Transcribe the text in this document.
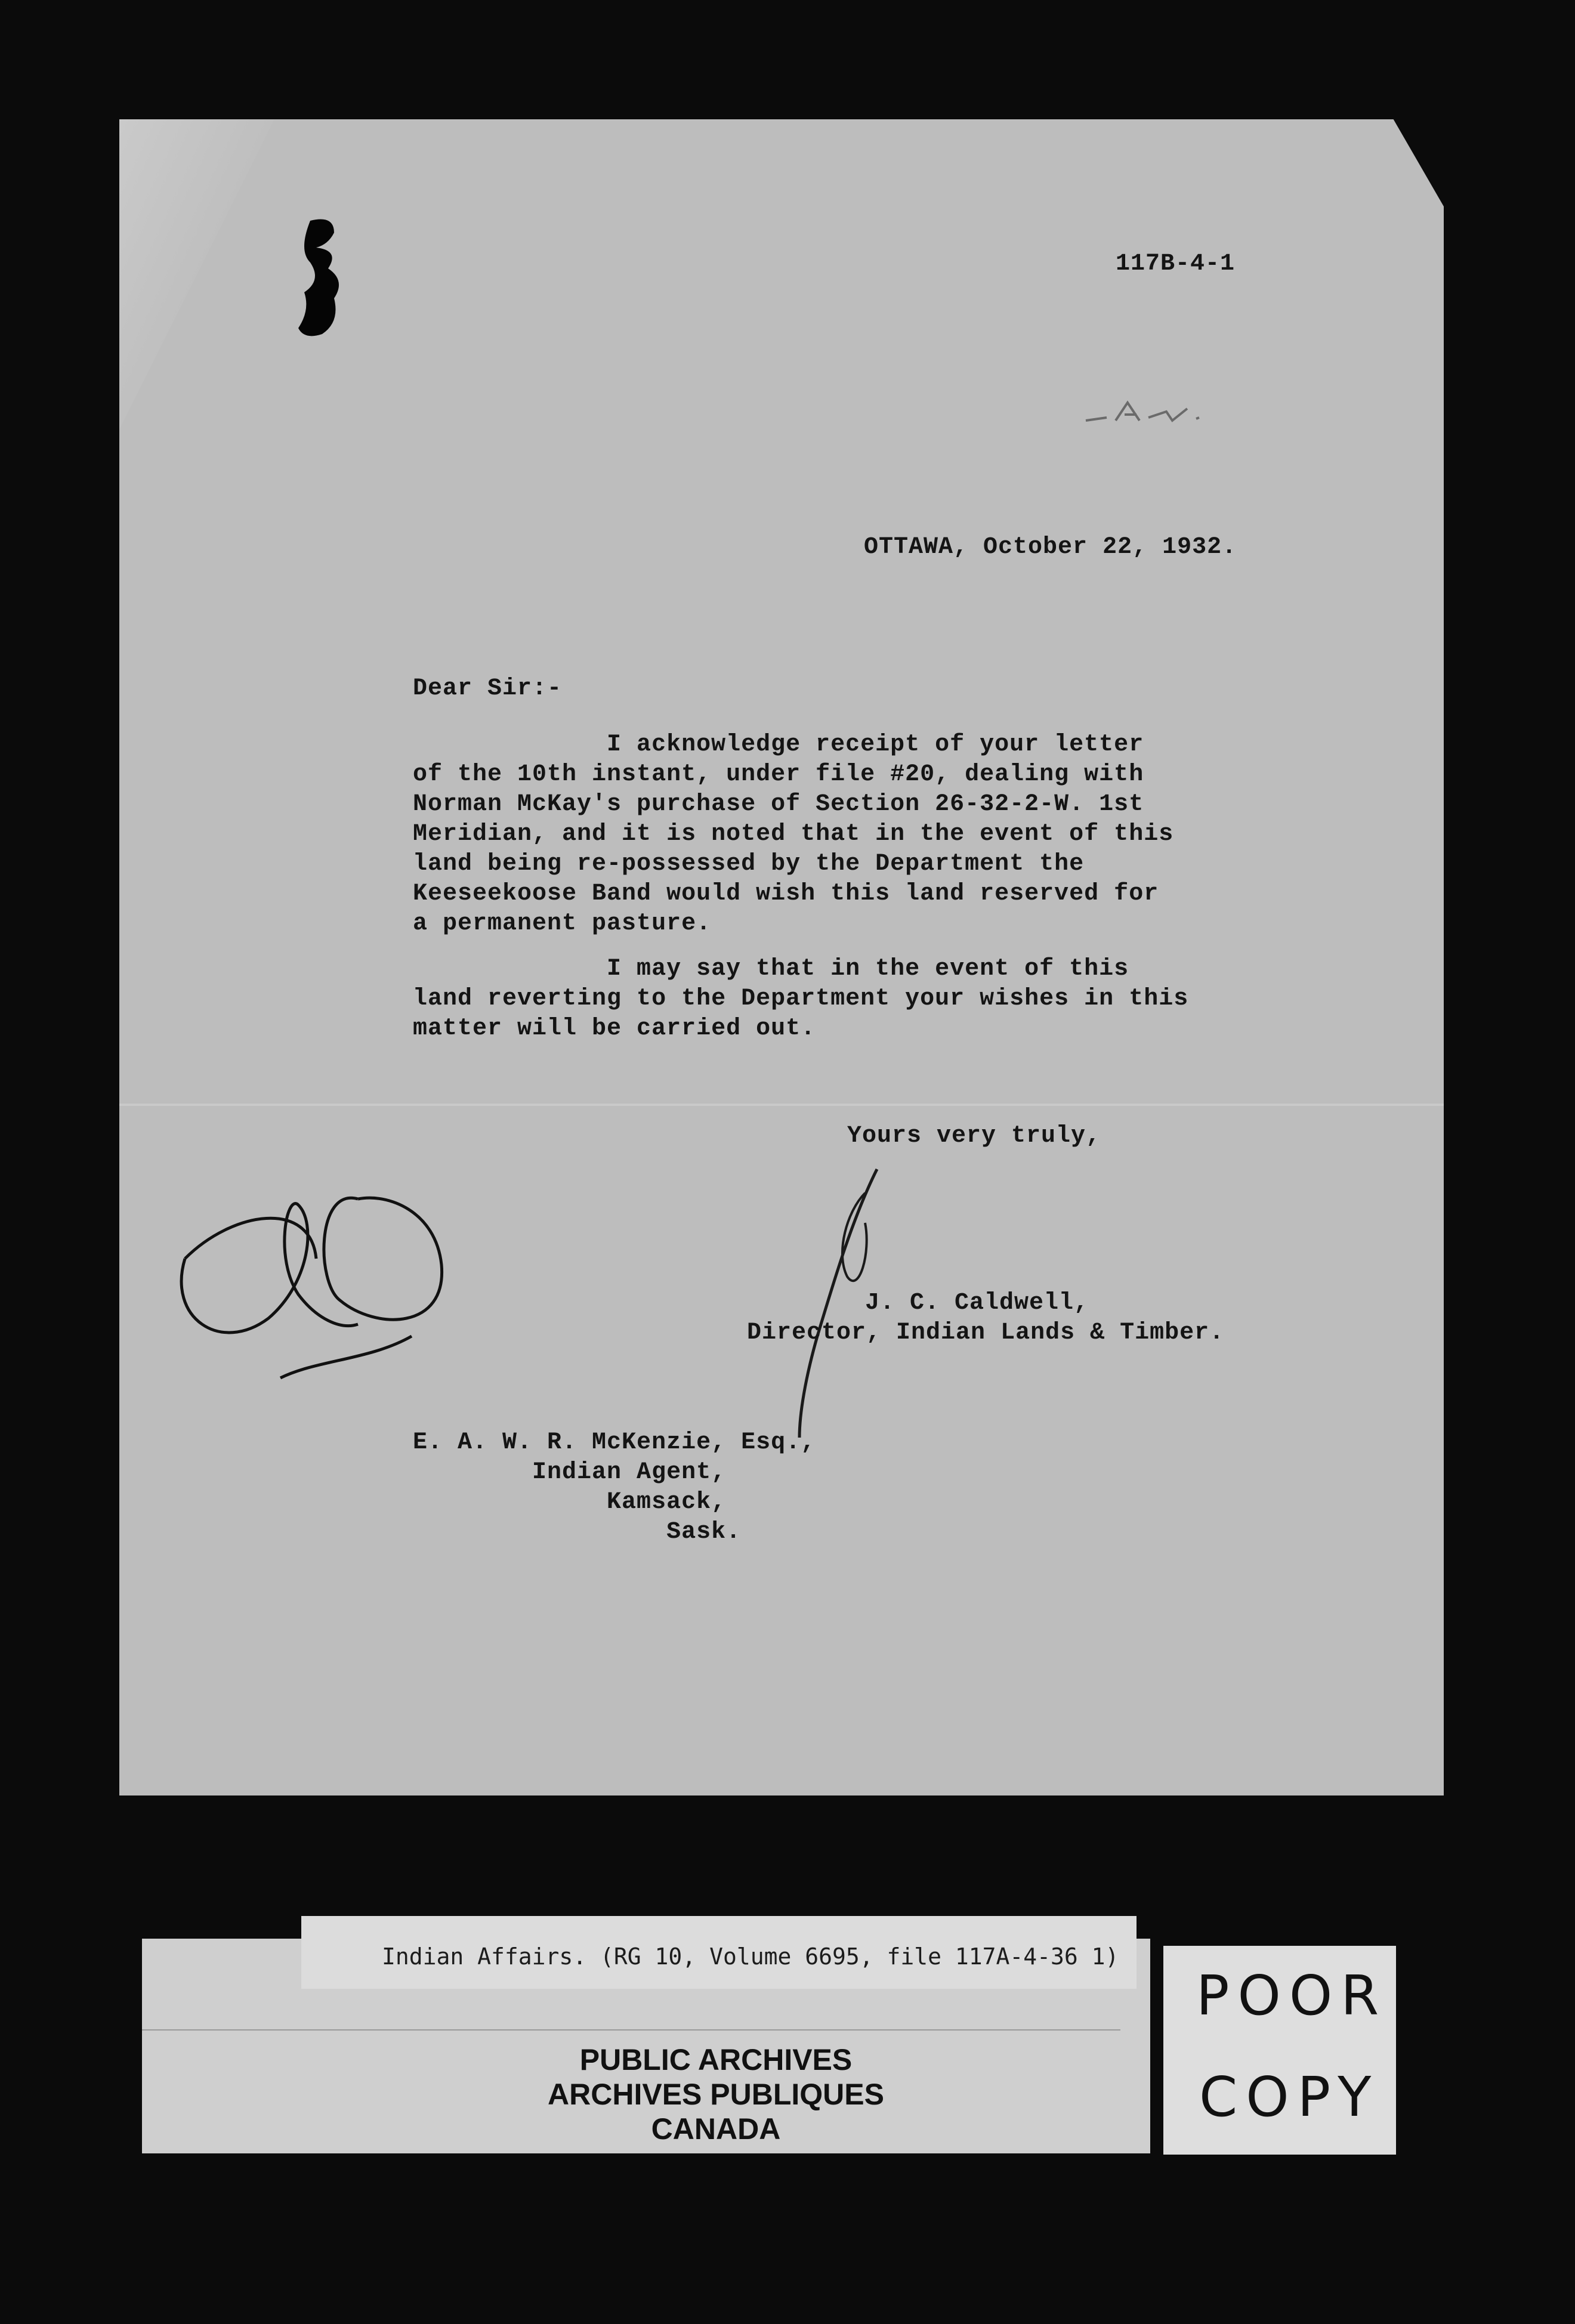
117B-4-1
OTTAWA, October 22, 1932.
Dear Sir:-
I acknowledge receipt of your letter
of the 10th instant, under file #20, dealing with
Norman McKay's purchase of Section 26-32-2-W. 1st
Meridian, and it is noted that in the event of this
land being re-possessed by the Department the
Keeseekoose Band would wish this land reserved for
a permanent pasture.
I may say that in the event of this
land reverting to the Department your wishes in this
matter will be carried out.
Yours very truly,
J. C. Caldwell,
Director, Indian Lands & Timber.
E. A. W. R. McKenzie, Esq.,
Indian Agent,
Kamsack,
Sask.
Indian Affairs. (RG 10, Volume 6695, file 117A-4-36 1)
PUBLIC ARCHIVES
ARCHIVES PUBLIQUES
CANADA
POOR
COPY
